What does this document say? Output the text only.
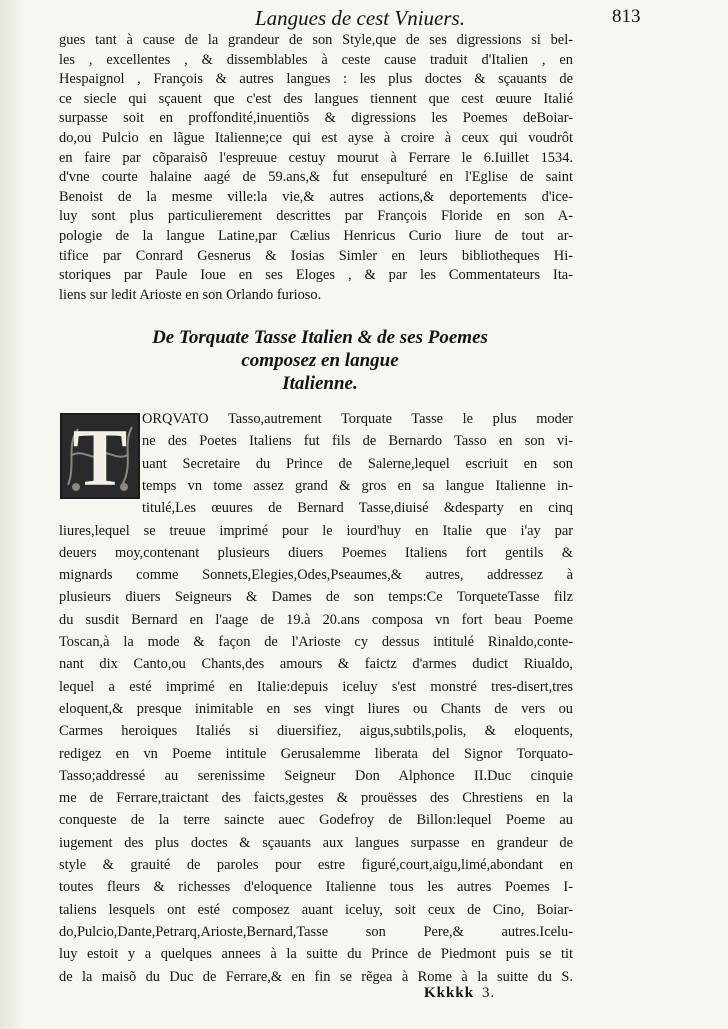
Langues de cest Vniuers.	813
gues tant à cause de la grandeur de son Style,que de ses digressions si bel-
les , excellentes , & dissemblables à ceste cause traduit d'Italien , en
Hespaignol , François & autres langues : les plus doctes & sçauants de
ce siecle qui sçauent que c'est des langues tiennent que cest œuure Italié
surpasse soit en proffondité,inuentiõs & digressions les Poemes deBoiar-
do,ou Pulcio en lãgue Italienne;ce qui est ayse à croire à ceux qui voudrôt
en faire par cõparaisõ l'espreuue cestuy mourut à Ferrare le 6.Iuillet 1534.
d'vne courte halaine aagé de 59.ans,& fut ensepulturé en l'Eglise de saint
Benoist de la mesme ville:la vie,& autres actions,& deportements d'ice-
luy sont plus particulierement descrittes par François Floride en son A-
pologie de la langue Latine,par Cælius Henricus Curio liure de tout ar-
tifice par Conrard Gesnerus & Iosias Simler en leurs bibliotheques Hi-
storiques par Paule Ioue en ses Eloges , & par les Commentateurs Ita-
liens sur ledit Arioste en son Orlando furioso.
De Torquate Tasse Italien & de ses Poemes
composez en langue
Italienne.
T ORQVATO Tasso,autrement Torquate Tasse le plus moder
ne des Poetes Italiens fut fils de Bernardo Tasso en son vi-
uant Secretaire du Prince de Salerne,lequel escriuit en son
temps vn tome assez grand & gros en sa langue Italienne in-
titulé,Les œuures de Bernard Tasse,diuisé &desparty en cinq
liures,lequel se treuue imprimé pour le iourd'huy en Italie que i'ay par
deuers moy,contenant plusieurs diuers Poemes Italiens fort gentils &
mignards comme Sonnets,Elegies,Odes,Pseaumes,& autres, addressez à
plusieurs diuers Seigneurs & Dames de son temps:Ce TorqueteTasse filz
du susdit Bernard en l'aage de 19.à 20.ans composa vn fort beau Poeme
Toscan,à la mode & façon de l'Arioste cy dessus intitulé Rinaldo,conte-
nant dix Canto,ou Chants,des amours & faictz d'armes dudict Riualdo,
lequel a esté imprimé en Italie:depuis iceluy s'est monstré tres-disert,tres
eloquent,& presque inimitable en ses vingt liures ou Chants de vers ou
Carmes heroiques Italiés si diuersifiez, aigus,subtils,polis, & eloquents,
redigez en vn Poeme intitule Gerusalemme liberata del Signor Torquato-
Tasso;addressé au serenissime Seigneur Don Alphonce II.Duc cinquie
me de Ferrare,traictant des faicts,gestes & prouësses des Chrestiens en la
conqueste de la terre saincte auec Godefroy de Billon:lequel Poeme au
iugement des plus doctes & sçauants aux langues surpasse en grandeur de
style & grauité de paroles pour estre figuré,court,aigu,limé,abondant en
toutes fleurs & richesses d'eloquence Italienne tous les autres Poemes I-
taliens lesquels ont esté composez auant iceluy, soit ceux de Cino, Boiar-
do,Pulcio,Dante,Petrarq,Arioste,Bernard,Tasse son Pere,& autres.Icelu-
luy estoit y a quelques annees à la suitte du Prince de Piedmont puis se tit
de la maisõ du Duc de Ferrare,& en fin se rẽgea à Rome à la suitte du S.
Kkkkk 3.
